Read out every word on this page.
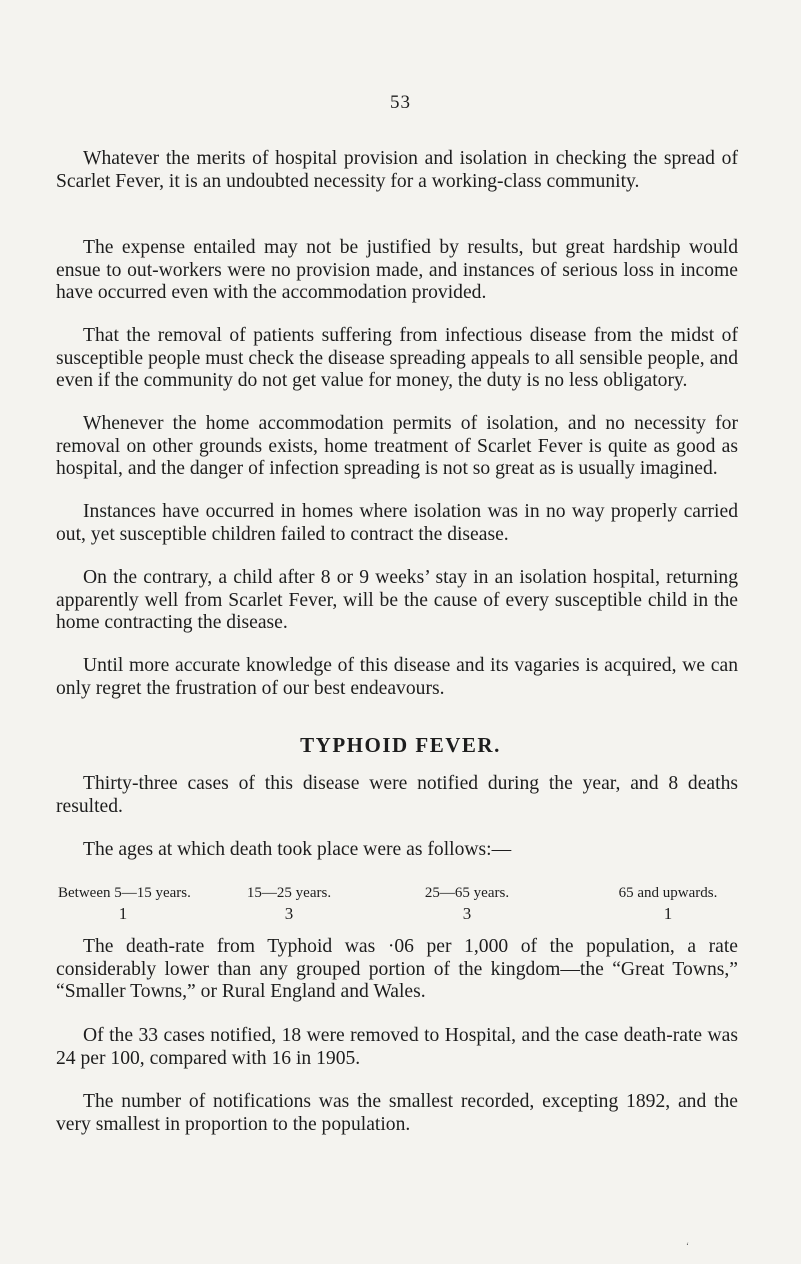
53

Whatever the merits of hospital provision and isolation in checking the spread of Scarlet Fever, it is an undoubted necessity for a working-class community.

The expense entailed may not be justified by results, but great hardship would ensue to out-workers were no provision made, and instances of serious loss in income have occurred even with the accommodation provided.

That the removal of patients suffering from infectious disease from the midst of susceptible people must check the disease spreading appeals to all sensible people, and even if the community do not get value for money, the duty is no less obligatory.

Whenever the home accommodation permits of isolation, and no necessity for removal on other grounds exists, home treatment of Scarlet Fever is quite as good as hospital, and the danger of infection spreading is not so great as is usually imagined.

Instances have occurred in homes where isolation was in no way properly carried out, yet susceptible children failed to contract the disease.

On the contrary, a child after 8 or 9 weeks’ stay in an isolation hospital, returning apparently well from Scarlet Fever, will be the cause of every susceptible child in the home contracting the disease.

Until more accurate knowledge of this disease and its vagaries is acquired, we can only regret the frustration of our best endeavours.

TYPHOID FEVER.

Thirty-three cases of this disease were notified during the year, and 8 deaths resulted.

The ages at which death took place were as follows:—

Between 5—15 years.
1
15—25 years.
3
25—65 years.
3
65 and upwards.
1

The death-rate from Typhoid was ·06 per 1,000 of the population, a rate considerably lower than any grouped portion of the kingdom—the “Great Towns,” “Smaller Towns,” or Rural England and Wales.

Of the 33 cases notified, 18 were removed to Hospital, and the case death-rate was 24 per 100, compared with 16 in 1905.

The number of notifications was the smallest recorded, excepting 1892, and the very smallest in proportion to the population.

ʻ
